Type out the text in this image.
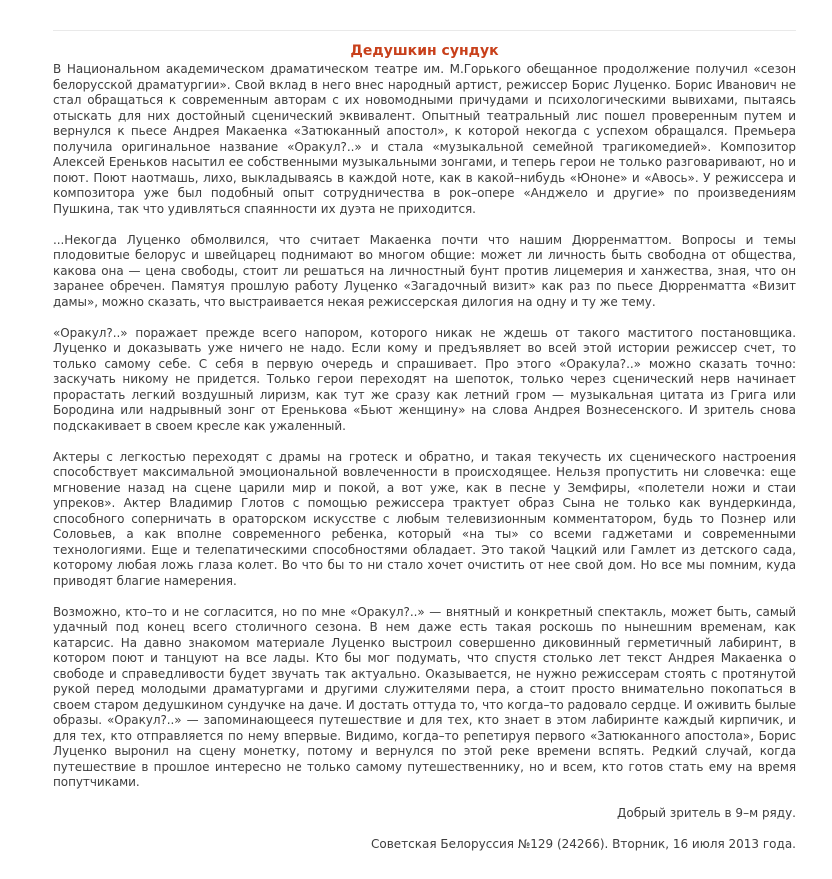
Дедушкин сундук

В Национальном академическом драматическом театре им. М.Горького обещанное продолжение получил «сезон белорусской драматургии». Свой вклад в него внес народный артист, режиссер Борис Луценко. Борис Иванович не стал обращаться к современным авторам с их новомодными причудами и психологическими вывихами, пытаясь отыскать для них достойный сценический эквивалент. Опытный театральный лис пошел проверенным путем и вернулся к пьесе Андрея Макаенка «Затюканный апостол», к которой некогда с успехом обращался. Премьера получила оригинальное название «Оракул?..» и стала «музыкальной семейной трагикомедией». Композитор Алексей Ереньков насытил ее собственными музыкальными зонгами, и теперь герои не только разговаривают, но и поют. Поют наотмашь, лихо, выкладываясь в каждой ноте, как в какой–нибудь «Юноне» и «Авось». У режиссера и композитора уже был подобный опыт сотрудничества в рок–опере «Анджело и другие» по произведениям Пушкина, так что удивляться спаянности их дуэта не приходится.

...Некогда Луценко обмолвился, что считает Макаенка почти что нашим Дюрренматтом. Вопросы и темы плодовитые белорус и швейцарец поднимают во многом общие: может ли личность быть свободна от общества, какова она — цена свободы, стоит ли решаться на личностный бунт против лицемерия и ханжества, зная, что он заранее обречен. Памятуя прошлую работу Луценко «Загадочный визит» как раз по пьесе Дюрренматта «Визит дамы», можно сказать, что выстраивается некая режиссерская дилогия на одну и ту же тему.

«Оракул?..» поражает прежде всего напором, которого никак не ждешь от такого маститого постановщика. Луценко и доказывать уже ничего не надо. Если кому и предъявляет во всей этой истории режиссер счет, то только самому себе. С себя в первую очередь и спрашивает. Про этого «Оракула?..» можно сказать точно: заскучать никому не придется. Только герои переходят на шепоток, только через сценический нерв начинает прорастать легкий воздушный лиризм, как тут же сразу как летний гром — музыкальная цитата из Грига или Бородина или надрывный зонг от Еренькова «Бьют женщину» на слова Андрея Вознесенского. И зритель снова подскакивает в своем кресле как ужаленный.

Актеры с легкостью переходят с драмы на гротеск и обратно, и такая текучесть их сценического настроения способствует максимальной эмоциональной вовлеченности в происходящее. Нельзя пропустить ни словечка: еще мгновение назад на сцене царили мир и покой, а вот уже, как в песне у Земфиры, «полетели ножи и стаи упреков». Актер Владимир Глотов с помощью режиссера трактует образ Сына не только как вундеркинда, способного соперничать в ораторском искусстве с любым телевизионным комментатором, будь то Познер или Соловьев, а как вполне современного ребенка, который «на ты» со всеми гаджетами и современными технологиями. Еще и телепатическими способностями обладает. Это такой Чацкий или Гамлет из детского сада, которому любая ложь глаза колет. Во что бы то ни стало хочет очистить от нее свой дом. Но все мы помним, куда приводят благие намерения.

Возможно, кто–то и не согласится, но по мне «Оракул?..» — внятный и конкретный спектакль, может быть, самый удачный под конец всего столичного сезона. В нем даже есть такая роскошь по нынешним временам, как катарсис. На давно знакомом материале Луценко выстроил совершенно диковинный герметичный лабиринт, в котором поют и танцуют на все лады. Кто бы мог подумать, что спустя столько лет текст Андрея Макаенка о свободе и справедливости будет звучать так актуально. Оказывается, не нужно режиссерам стоять с протянутой рукой перед молодыми драматургами и другими служителями пера, а стоит просто внимательно покопаться в своем старом дедушкином сундучке на даче. И достать оттуда то, что когда–то радовало сердце. И оживить былые образы. «Оракул?..» — запоминающееся путешествие и для тех, кто знает в этом лабиринте каждый кирпичик, и для тех, кто отправляется по нему впервые. Видимо, когда–то репетируя первого «Затюканного апостола», Борис Луценко выронил на сцену монетку, потому и вернулся по этой реке времени вспять. Редкий случай, когда путешествие в прошлое интересно не только самому путешественнику, но и всем, кто готов стать ему на время попутчиками.

Добрый зритель в 9–м ряду.

Советская Белоруссия №129 (24266). Вторник, 16 июля 2013 года.
